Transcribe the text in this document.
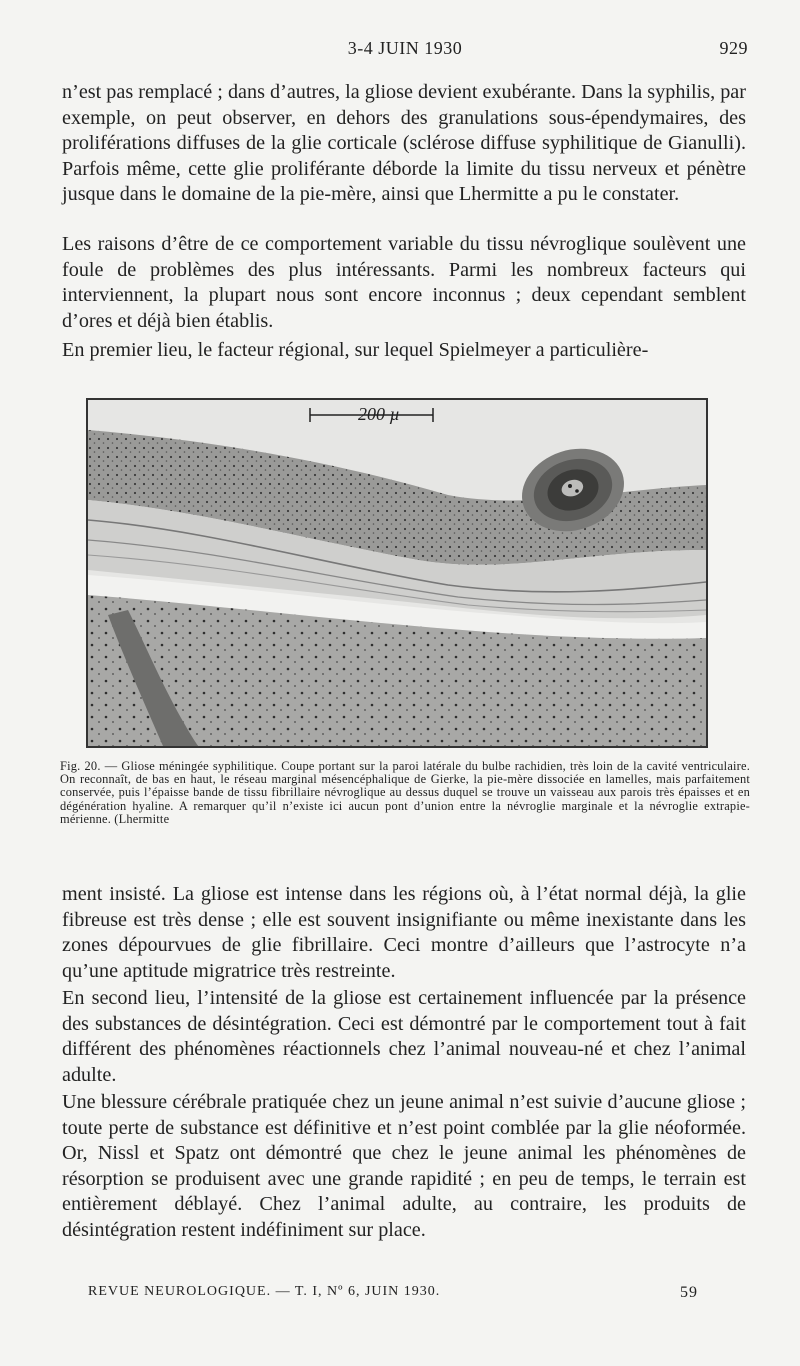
3-4 JUIN 1930	929

n’est pas remplacé ; dans d’autres, la gliose devient exubérante. Dans la syphilis, par exemple, on peut observer, en dehors des granulations sous-épendymaires, des proliférations diffuses de la glie corticale (sclérose diffuse syphilitique de Gianulli). Parfois même, cette glie proliférante déborde la limite du tissu nerveux et pénètre jusque dans le domaine de la pie-mère, ainsi que Lhermitte a pu le constater.

Les raisons d’être de ce comportement variable du tissu névroglique soulèvent une foule de problèmes des plus intéressants. Parmi les nombreux facteurs qui interviennent, la plupart nous sont encore inconnus ; deux cependant semblent d’ores et déjà bien établis.

En premier lieu, le facteur régional, sur lequel Spielmeyer a particulière-

200 µ
Fig. 20. — Gliose méningée syphilitique. Coupe portant sur la paroi latérale du bulbe rachidien, très loin de la cavité ventriculaire. On reconnaît, de bas en haut, le réseau marginal mésencéphalique de Gierke, la pie-mère dissociée en lamelles, mais parfaitement conservée, puis l’épaisse bande de tissu fibrillaire névroglique au dessus duquel se trouve un vaisseau aux parois très épaisses et en dégénération hyaline. A remarquer qu’il n’existe ici aucun pont d’union entre la névroglie marginale et la névroglie extrapie-mérienne. (Lhermitte

ment insisté. La gliose est intense dans les régions où, à l’état normal déjà, la glie fibreuse est très dense ; elle est souvent insignifiante ou même inexistante dans les zones dépourvues de glie fibrillaire. Ceci montre d’ailleurs que l’astrocyte n’a qu’une aptitude migratrice très restreinte.

En second lieu, l’intensité de la gliose est certainement influencée par la présence des substances de désintégration. Ceci est démontré par le comportement tout à fait différent des phénomènes réactionnels chez l’animal nouveau-né et chez l’animal adulte.

Une blessure cérébrale pratiquée chez un jeune animal n’est suivie d’aucune gliose ; toute perte de substance est définitive et n’est point comblée par la glie néoformée. Or, Nissl et Spatz ont démontré que chez le jeune animal les phénomènes de résorption se produisent avec une grande rapidité ; en peu de temps, le terrain est entièrement déblayé. Chez l’animal adulte, au contraire, les produits de désintégration restent indéfiniment sur place.

REVUE NEUROLOGIQUE. — T. I, Nº 6, JUIN 1930.	59
